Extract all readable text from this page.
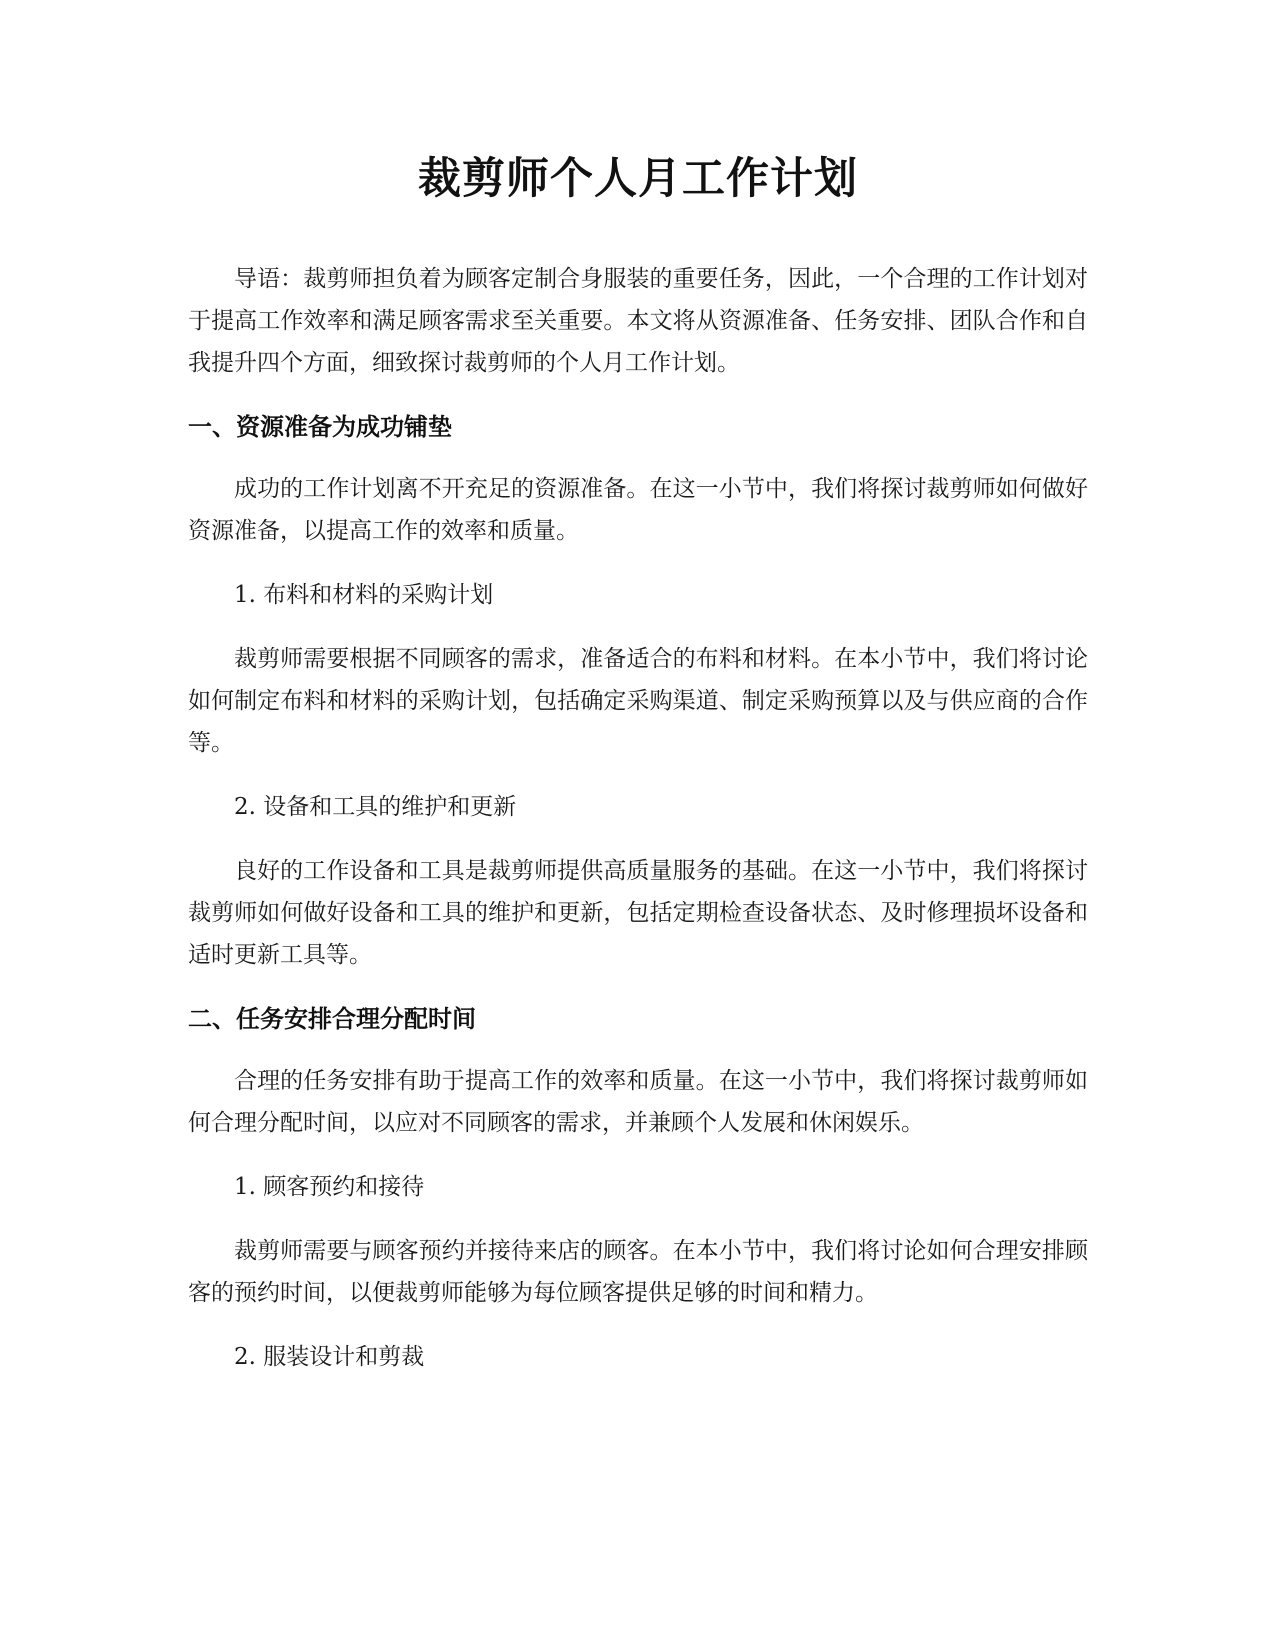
裁剪师个人月工作计划

导语：裁剪师担负着为顾客定制合身服装的重要任务，因此，一个合理的工作计划对于提高工作效率和满足顾客需求至关重要。本文将从资源准备、任务安排、团队合作和自我提升四个方面，细致探讨裁剪师的个人月工作计划。

一、资源准备为成功铺垫

成功的工作计划离不开充足的资源准备。在这一小节中，我们将探讨裁剪师如何做好资源准备，以提高工作的效率和质量。

1. 布料和材料的采购计划

裁剪师需要根据不同顾客的需求，准备适合的布料和材料。在本小节中，我们将讨论如何制定布料和材料的采购计划，包括确定采购渠道、制定采购预算以及与供应商的合作等。

2. 设备和工具的维护和更新

良好的工作设备和工具是裁剪师提供高质量服务的基础。在这一小节中，我们将探讨裁剪师如何做好设备和工具的维护和更新，包括定期检查设备状态、及时修理损坏设备和适时更新工具等。

二、任务安排合理分配时间

合理的任务安排有助于提高工作的效率和质量。在这一小节中，我们将探讨裁剪师如何合理分配时间，以应对不同顾客的需求，并兼顾个人发展和休闲娱乐。

1. 顾客预约和接待

裁剪师需要与顾客预约并接待来店的顾客。在本小节中，我们将讨论如何合理安排顾客的预约时间，以便裁剪师能够为每位顾客提供足够的时间和精力。

2. 服装设计和剪裁
